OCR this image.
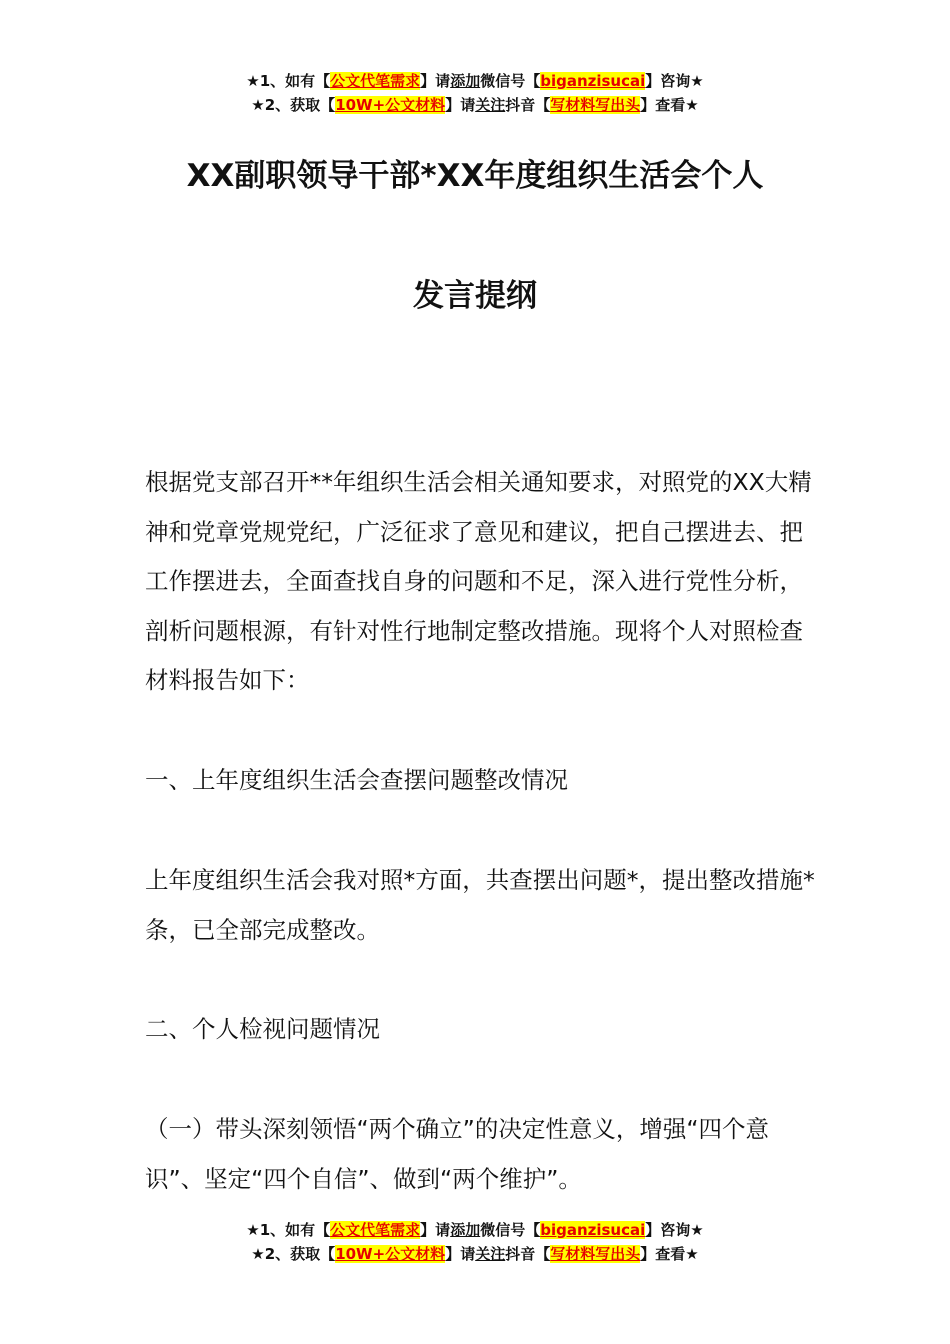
★1、如有【公文代笔需求】请添加微信号【biganzisucai】咨询★
★2、获取【10W+公文材料】请关注抖音【写材料写出头】查看★
XX副职领导干部*XX年度组织生活会个人
发言提纲

根据党支部召开**年组织生活会相关通知要求，对照党的XX大精神和党章党规党纪，广泛征求了意见和建议，把自己摆进去、把工作摆进去，全面查找自身的问题和不足，深入进行党性分析，剖析问题根源，有针对性行地制定整改措施。现将个人对照检查材料报告如下：

一、上年度组织生活会查摆问题整改情况

上年度组织生活会我对照*方面，共查摆出问题*，提出整改措施*条，已全部完成整改。

二、个人检视问题情况

（一）带头深刻领悟“两个确立”的决定性意义，增强“四个意识”、坚定“四个自信”、做到“两个维护”。

★1、如有【公文代笔需求】请添加微信号【biganzisucai】咨询★
★2、获取【10W+公文材料】请关注抖音【写材料写出头】查看★
